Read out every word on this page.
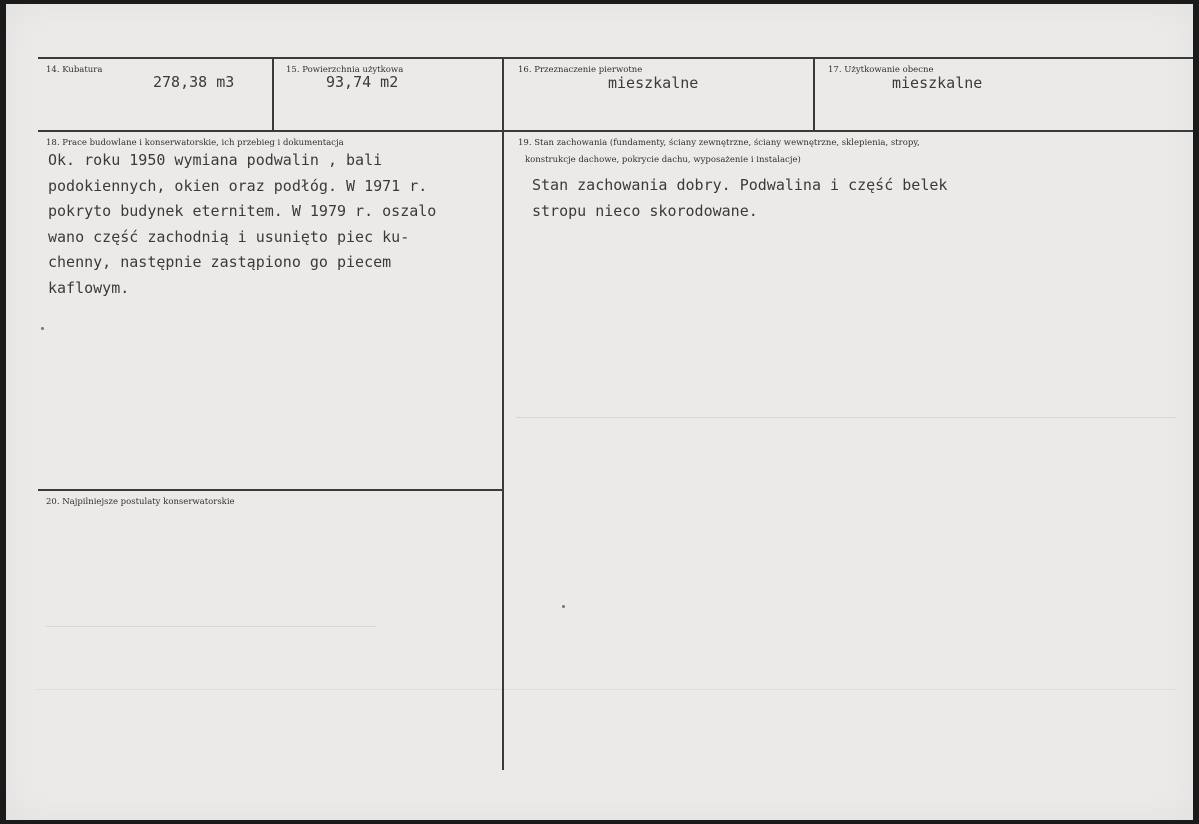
14. Kubatura
278,38 m3
15. Powierzchnia użytkowa
93,74 m2
16. Przeznaczenie pierwotne
mieszkalne
17. Użytkowanie obecne
mieszkalne
18. Prace budowlane i konserwatorskie, ich przebieg i dokumentacja
Ok. roku 1950 wymiana podwalin , bali
podokiennych, okien oraz podłóg. W 1971 r.
pokryto budynek eternitem. W 1979 r. oszalo
wano część zachodnią i usunięto piec ku-
chenny, następnie zastąpiono go piecem
kaflowym.
19. Stan zachowania (fundamenty, ściany zewnętrzne, ściany wewnętrzne, sklepienia, stropy,
konstrukcje dachowe, pokrycie dachu, wyposażenie i instalacje)
Stan zachowania dobry. Podwalina i część belek
stropu nieco skorodowane.
20. Najpilniejsze postulaty konserwatorskie
